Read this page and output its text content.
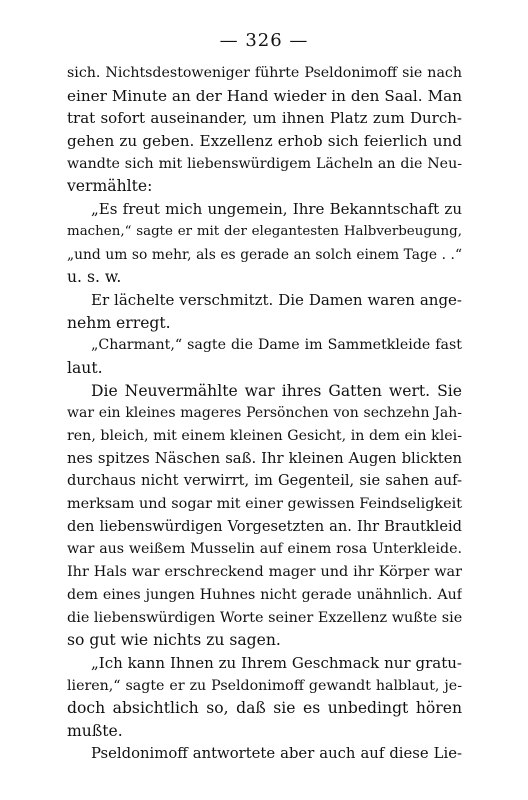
— 326 —
sich. Nichtsdestoweniger führte Pseldonimoff sie nach
einer Minute an der Hand wieder in den Saal. Man
trat sofort auseinander, um ihnen Platz zum Durch-
gehen zu geben. Exzellenz erhob sich feierlich und
wandte sich mit liebenswürdigem Lächeln an die Neu-
vermählte:
„Es freut mich ungemein, Ihre Bekanntschaft zu
machen,“ sagte er mit der elegantesten Halbverbeugung,
„und um so mehr, als es gerade an solch einem Tage . .“
u. s. w.
Er lächelte verschmitzt. Die Damen waren ange-
nehm erregt.
„Charmant,“ sagte die Dame im Sammetkleide fast
laut.
Die Neuvermählte war ihres Gatten wert. Sie
war ein kleines mageres Persönchen von sechzehn Jah-
ren, bleich, mit einem kleinen Gesicht, in dem ein klei-
nes spitzes Näschen saß. Ihr kleinen Augen blickten
durchaus nicht verwirrt, im Gegenteil, sie sahen auf-
merksam und sogar mit einer gewissen Feindseligkeit
den liebenswürdigen Vorgesetzten an. Ihr Brautkleid
war aus weißem Musselin auf einem rosa Unterkleide.
Ihr Hals war erschreckend mager und ihr Körper war
dem eines jungen Huhnes nicht gerade unähnlich. Auf
die liebenswürdigen Worte seiner Exzellenz wußte sie
so gut wie nichts zu sagen.
„Ich kann Ihnen zu Ihrem Geschmack nur gratu-
lieren,“ sagte er zu Pseldonimoff gewandt halblaut, je-
doch absichtlich so, daß sie es unbedingt hören
mußte.
Pseldonimoff antwortete aber auch auf diese Lie-
